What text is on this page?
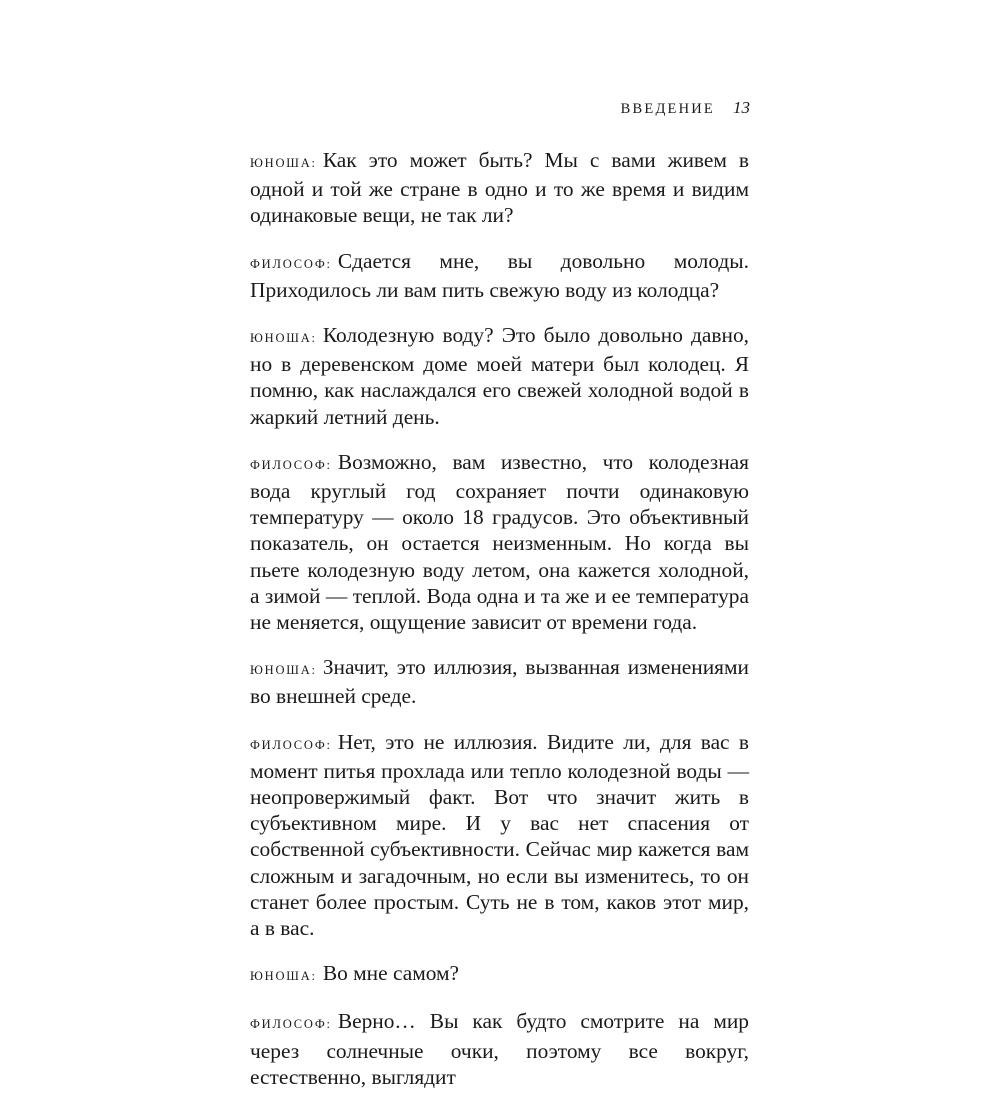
ВВЕДЕНИЕ 13

ЮНОША: Как это может быть? Мы с вами живем в одной и той же стране в одно и то же время и видим одинаковые вещи, не так ли?

ФИЛОСОФ: Сдается мне, вы довольно молоды. Приходилось ли вам пить свежую воду из колодца?

ЮНОША: Колодезную воду? Это было довольно давно, но в деревенском доме моей матери был колодец. Я помню, как наслаждался его свежей холодной водой в жаркий летний день.

ФИЛОСОФ: Возможно, вам известно, что колодезная вода круглый год сохраняет почти одинаковую температуру — около 18 градусов. Это объективный показатель, он остается неизменным. Но когда вы пьете колодезную воду летом, она кажется холодной, а зимой — теплой. Вода одна и та же и ее температура не меняется, ощущение зависит от времени года.

ЮНОША: Значит, это иллюзия, вызванная изменениями во внешней среде.

ФИЛОСОФ: Нет, это не иллюзия. Видите ли, для вас в момент питья прохлада или тепло колодезной воды — неопровержимый факт. Вот что значит жить в субъективном мире. И у вас нет спасения от собственной субъективности. Сейчас мир кажется вам сложным и загадочным, но если вы изменитесь, то он станет более простым. Суть не в том, каков этот мир, а в вас.

ЮНОША: Во мне самом?

ФИЛОСОФ: Верно… Вы как будто смотрите на мир через солнечные очки, поэтому все вокруг, естественно, выглядит
